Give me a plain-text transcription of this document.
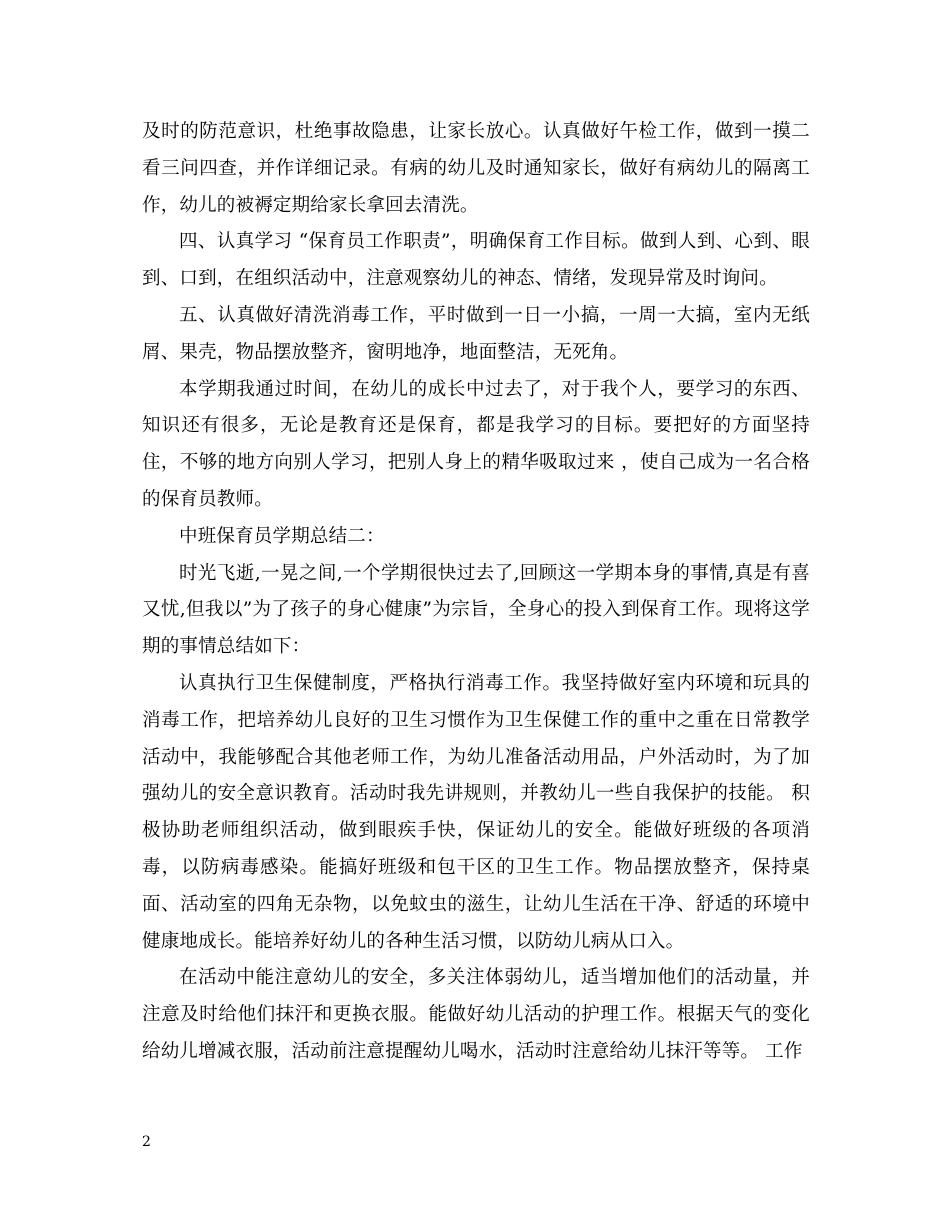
及时的防范意识，杜绝事故隐患，让家长放心。认真做好午检工作，做到一摸二看三问四查，并作详细记录。有病的幼儿及时通知家长，做好有病幼儿的隔离工作，幼儿的被褥定期给家长拿回去清洗。

四、认真学习 “保育员工作职责”，明确保育工作目标。做到人到、心到、眼到、口到，在组织活动中，注意观察幼儿的神态、情绪，发现异常及时询问。

五、认真做好清洗消毒工作，平时做到一日一小搞，一周一大搞，室内无纸屑、果壳，物品摆放整齐，窗明地净，地面整洁，无死角。

本学期我通过时间，在幼儿的成长中过去了，对于我个人，要学习的东西、知识还有很多，无论是教育还是保育，都是我学习的目标。要把好的方面坚持住，不够的地方向别人学习，把别人身上的精华吸取过来 ，使自己成为一名合格的保育员教师。

中班保育员学期总结二：

时光飞逝,一晃之间,一个学期很快过去了,回顾这一学期本身的事情,真是有喜又忧,但我以”为了孩子的身心健康”为宗旨，全身心的投入到保育工作。现将这学期的事情总结如下：

认真执行卫生保健制度，严格执行消毒工作。我坚持做好室内环境和玩具的消毒工作，把培养幼儿良好的卫生习惯作为卫生保健工作的重中之重在日常教学活动中，我能够配合其他老师工作，为幼儿准备活动用品，户外活动时，为了加强幼儿的安全意识教育。活动时我先讲规则，并教幼儿一些自我保护的技能。 积极协助老师组织活动，做到眼疾手快，保证幼儿的安全。能做好班级的各项消毒，以防病毒感染。能搞好班级和包干区的卫生工作。物品摆放整齐，保持桌面、活动室的四角无杂物，以免蚊虫的滋生，让幼儿生活在干净、舒适的环境中健康地成长。能培养好幼儿的各种生活习惯，以防幼儿病从口入。

在活动中能注意幼儿的安全，多关注体弱幼儿，适当增加他们的活动量，并注意及时给他们抹汗和更换衣服。能做好幼儿活动的护理工作。根据天气的变化给幼儿增减衣服，活动前注意提醒幼儿喝水，活动时注意给幼儿抹汗等等。 工作

2
